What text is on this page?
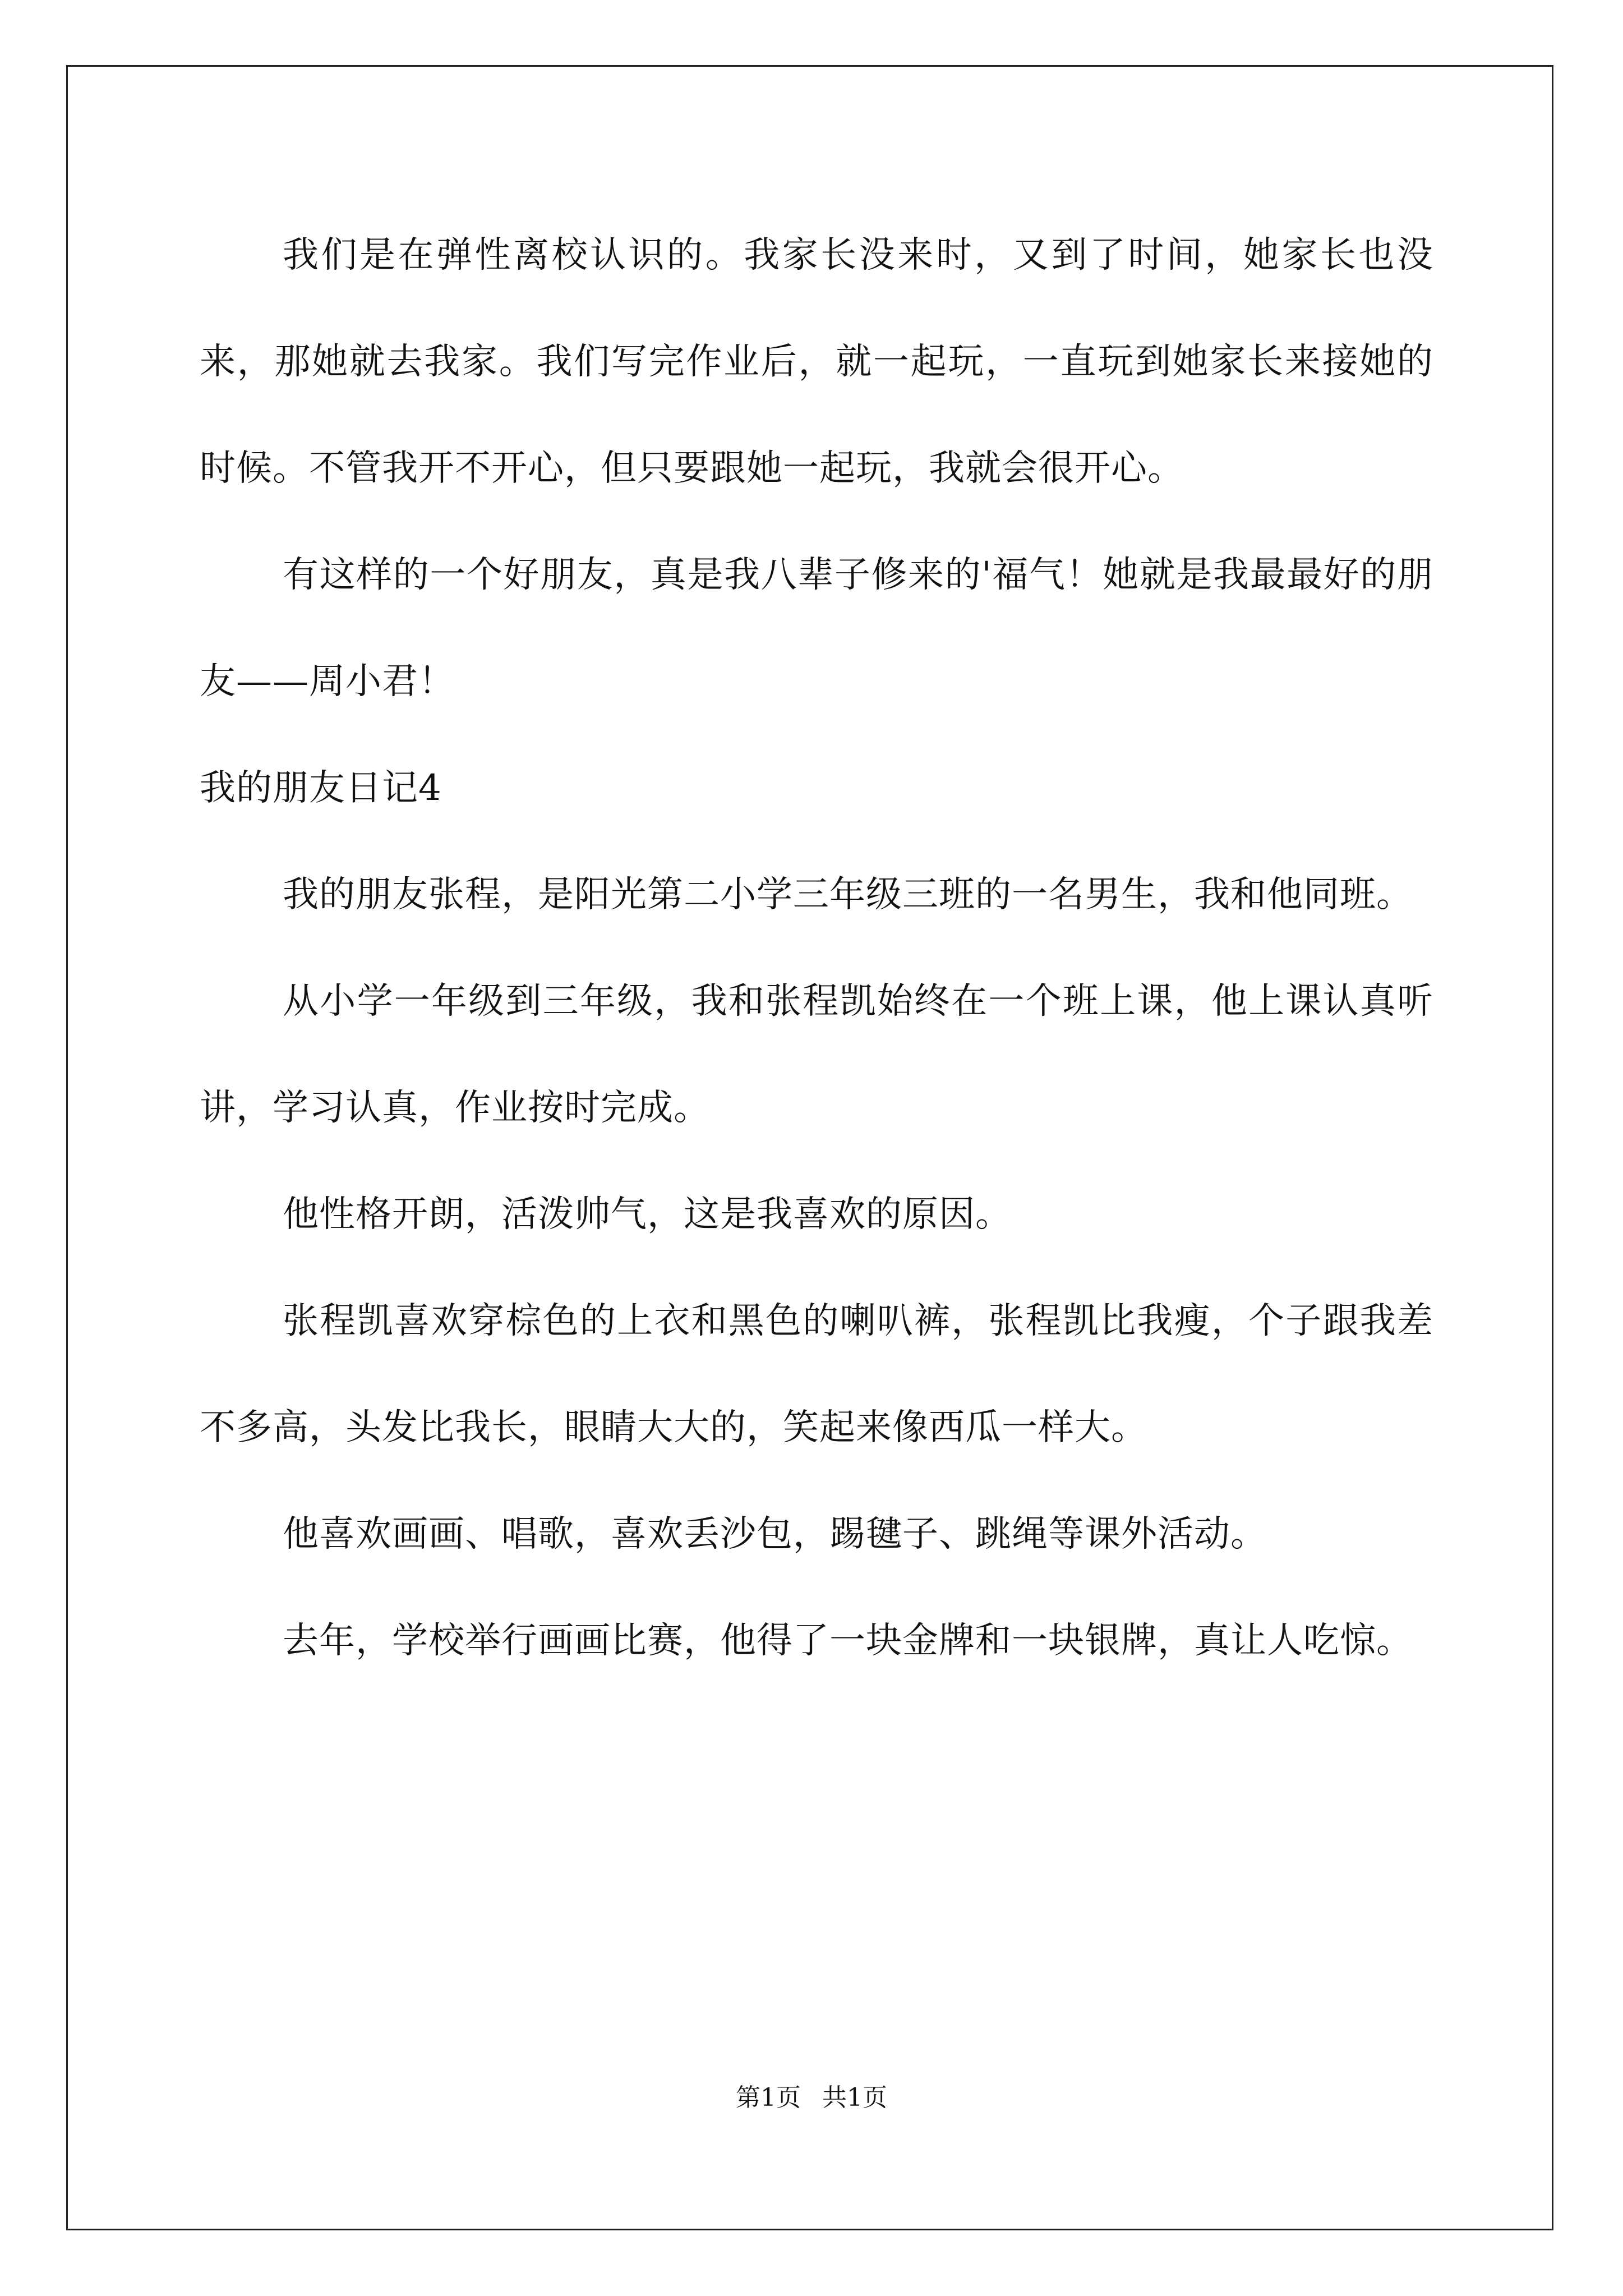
我们是在弹性离校认识的。我家长没来时，又到了时间，她家长也没来，那她就去我家。我们写完作业后，就一起玩，一直玩到她家长来接她的时候。不管我开不开心，但只要跟她一起玩，我就会很开心。

有这样的一个好朋友，真是我八辈子修来的'福气！她就是我最最好的朋友——周小君！

我的朋友日记4

我的朋友张程，是阳光第二小学三年级三班的一名男生，我和他同班。

从小学一年级到三年级，我和张程凯始终在一个班上课，他上课认真听讲，学习认真，作业按时完成。

他性格开朗，活泼帅气，这是我喜欢的原因。

张程凯喜欢穿棕色的上衣和黑色的喇叭裤，张程凯比我瘦，个子跟我差不多高，头发比我长，眼睛大大的，笑起来像西瓜一样大。

他喜欢画画、唱歌，喜欢丢沙包，踢毽子、跳绳等课外活动。

去年，学校举行画画比赛，他得了一块金牌和一块银牌，真让人吃惊。

第1页 共1页
